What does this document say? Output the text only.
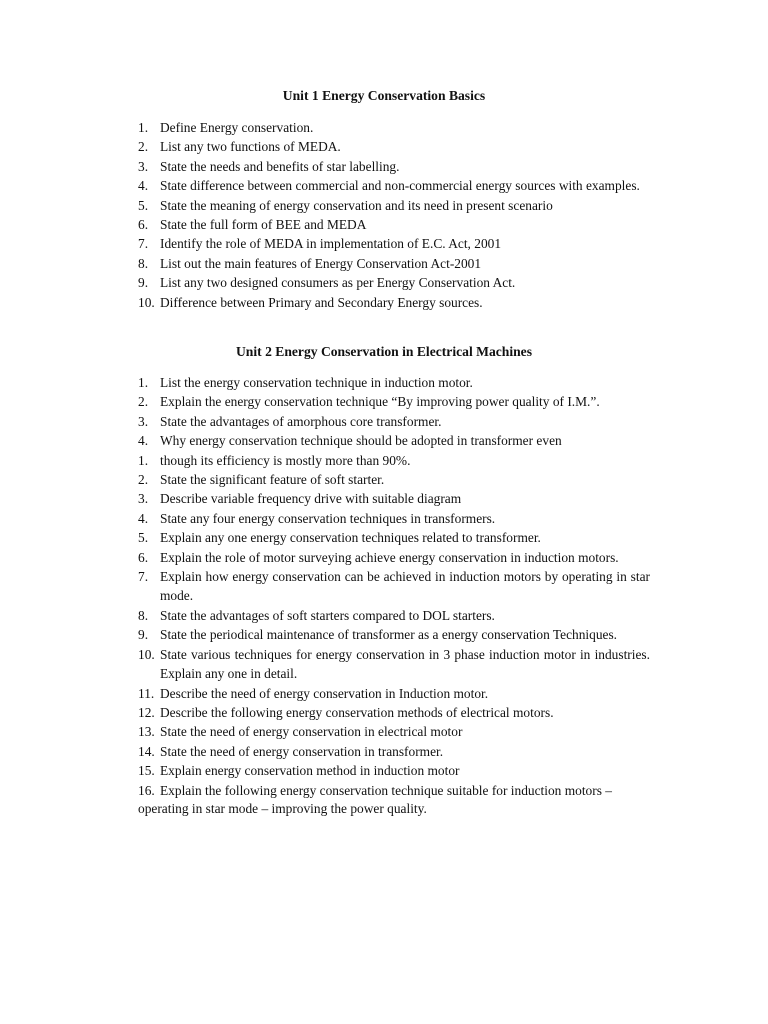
Unit 1 Energy Conservation Basics
1. Define Energy conservation.
2. List any two functions of MEDA.
3. State the needs and benefits of star labelling.
4. State difference between commercial and non-commercial energy sources with examples.
5. State the meaning of energy conservation and its need in present scenario
6. State the full form of BEE and MEDA
7. Identify the role of MEDA in implementation of E.C. Act, 2001
8. List out the main features of Energy Conservation Act-2001
9. List any two designed consumers as per Energy Conservation Act.
10. Difference between Primary and Secondary Energy sources.
Unit 2 Energy Conservation in Electrical Machines
1. List the energy conservation technique in induction motor.
2. Explain the energy conservation technique “By improving power quality of I.M.”.
3. State the advantages of amorphous core transformer.
4. Why energy conservation technique should be adopted in transformer even
1. though its efficiency is mostly more than 90%.
2. State the significant feature of soft starter.
3. Describe variable frequency drive with suitable diagram
4. State any four energy conservation techniques in transformers.
5. Explain any one energy conservation techniques related to transformer.
6. Explain the role of motor surveying achieve energy conservation in induction motors.
7. Explain how energy conservation can be achieved in induction motors by operating in star mode.
8. State the advantages of soft starters compared to DOL starters.
9. State the periodical maintenance of transformer as a energy conservation Techniques.
10. State various techniques for energy conservation in 3 phase induction motor in industries. Explain any one in detail.
11. Describe the need of energy conservation in Induction motor.
12. Describe the following energy conservation methods of electrical motors.
13. State the need of energy conservation in electrical motor
14. State the need of energy conservation in transformer.
15. Explain energy conservation method in induction motor
16. Explain the following energy conservation technique suitable for induction motors –
operating in star mode – improving the power quality.
